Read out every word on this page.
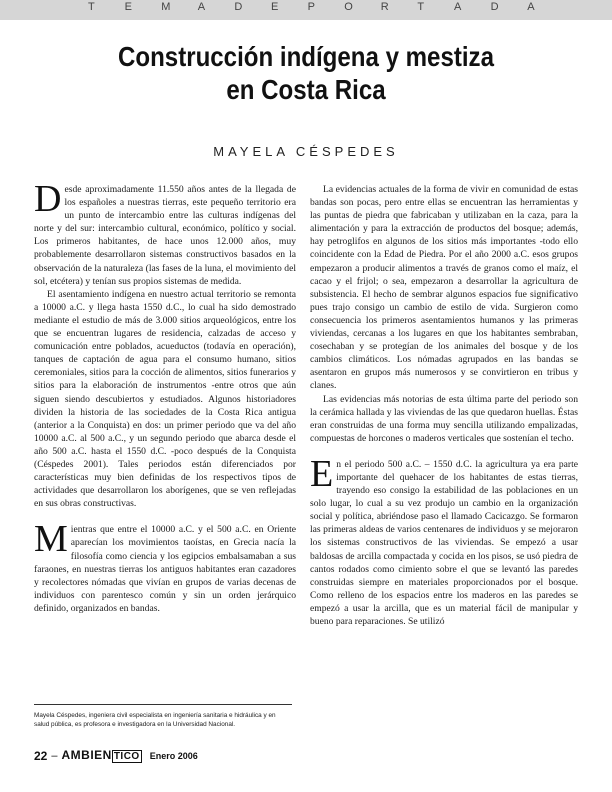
T	E	M A	D	E	P	O	R	T	A	D	A
Construcción indígena y mestiza
en Costa Rica
MAYELA CÉSPEDES

Desde aproximadamente 11.550 años antes de la llegada de los españoles a nuestras tierras, este pequeño territorio era un punto de intercambio entre las culturas indígenas del norte y del sur: intercambio cultural, económico, político y social. Los primeros habitantes, de hace unos 12.000 años, muy probablemente desarrollaron sistemas constructivos basados en la observación de la naturaleza (las fases de la luna, el movimiento del sol, etcétera) y tenían sus propios sistemas de medida.

El asentamiento indígena en nuestro actual territorio se remonta a 10000 a.C. y llega hasta 1550 d.C., lo cual ha sido demostrado mediante el estudio de más de 3.000 sitios arqueológicos, entre los que se encuentran lugares de residencia, calzadas de acceso y comunicación entre poblados, acueductos (todavía en operación), tanques de captación de agua para el consumo humano, sitios ceremoniales, sitios para la cocción de alimentos, sitios funerarios y sitios para la elaboración de instrumentos -entre otros que aún siguen siendo descubiertos y estudiados. Algunos historiadores dividen la historia de las sociedades de la Costa Rica antigua (anterior a la Conquista) en dos: un primer periodo que va del año 10000 a.C. al 500 a.C., y un segundo periodo que abarca desde el año 500 a.C. hasta el 1550 d.C. -poco después de la Conquista (Céspedes 2001). Tales periodos están diferenciados por características muy bien definidas de los respectivos tipos de actividades que desarrollaron los aborígenes, que se ven reflejadas en sus obras constructivas.

Mientras que entre el 10000 a.C. y el 500 a.C. en Oriente aparecían los movimientos taoístas, en Grecia nacía la filosofía como ciencia y los egipcios embalsamaban a sus faraones, en nuestras tierras los antiguos habitantes eran cazadores y recolectores nómadas que vivían en grupos de varias decenas de individuos con parentesco común y sin un orden jerárquico definido, organizados en bandas.

La evidencias actuales de la forma de vivir en comunidad de estas bandas son pocas, pero entre ellas se encuentran las herramientas y las puntas de piedra que fabricaban y utilizaban en la caza, para la alimentación y para la extracción de productos del bosque; además, hay petroglifos en algunos de los sitios más importantes -todo ello coincidente con la Edad de Piedra. Por el año 2000 a.C. esos grupos empezaron a producir alimentos a través de granos como el maíz, el cacao y el frijol; o sea, empezaron a desarrollar la agricultura de subsistencia. El hecho de sembrar algunos espacios fue significativo pues trajo consigo un cambio de estilo de vida. Surgieron como consecuencia los primeros asentamientos humanos y las primeras viviendas, cercanas a los lugares en que los habitantes sembraban, cosechaban y se protegían de los animales del bosque y de los cambios climáticos. Los nómadas agrupados en las bandas se asentaron en grupos más numerosos y se convirtieron en tribus y clanes.

Las evidencias más notorias de esta última parte del periodo son la cerámica hallada y las viviendas de las que quedaron huellas. Éstas eran construidas de una forma muy sencilla utilizando empalizadas, compuestas de horcones o maderos verticales que sostenían el techo.

En el periodo 500 a.C. – 1550 d.C. la agricultura ya era parte importante del quehacer de los habitantes de estas tierras, trayendo eso consigo la estabilidad de las poblaciones en un solo lugar, lo cual a su vez produjo un cambio en la organización social y política, abriéndose paso el llamado Cacicazgo. Se formaron las primeras aldeas de varios centenares de individuos y se mejoraron los sistemas constructivos de las viviendas. Se empezó a usar baldosas de arcilla compactada y cocida en los pisos, se usó piedra de cantos rodados como cimiento sobre el que se levantó las paredes construidas siempre en materiales proporcionados por el bosque. Como relleno de los espacios entre los maderos en las paredes se empezó a usar la arcilla, que es un material fácil de manipular y bueno para reparaciones. Se utilizó

Mayela Céspedes, ingeniera civil especialista en ingeniería sanitaria e hidráulica y en salud pública, es profesora e investigadora en la Universidad Nacional.
22 – AMBIEN TICO Enero 2006
